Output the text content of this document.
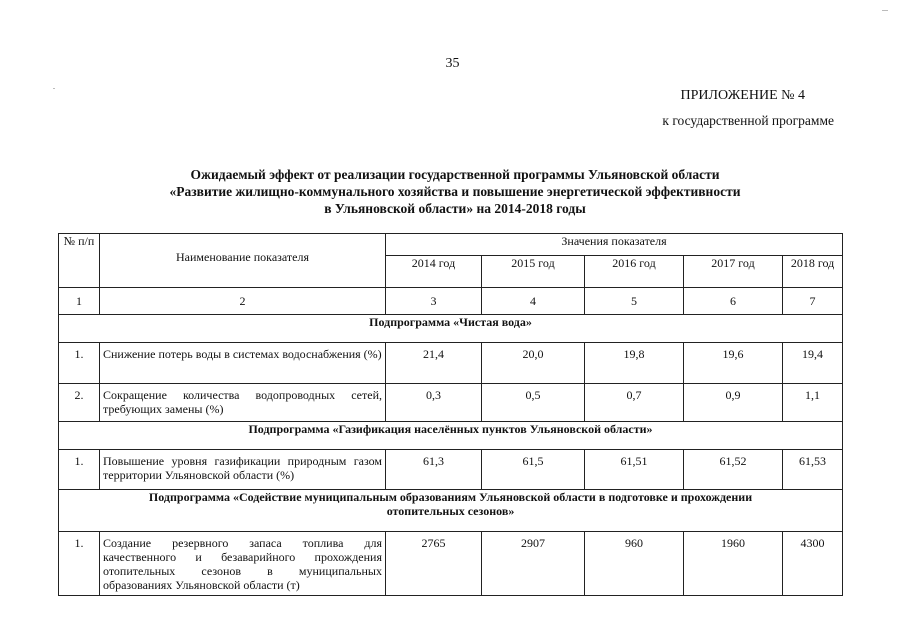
35
ПРИЛОЖЕНИЕ № 4
к государственной программе
Ожидаемый эффект от реализации государственной программы Ульяновской области
«Развитие жилищно-коммунального хозяйства и повышение энергетической эффективности
в Ульяновской области» на 2014-2018 годы
№ п/п	Наименование показателя	Значения показателя				
		2014 год	2015 год	2016 год	2017 год	2018 год
1	2	3	4	5	6	7
Подпрограмма «Чистая вода»						
1.	Снижение потерь воды в системах водоснабжения (%)	21,4	20,0	19,8	19,6	19,4
2.	Сокращение количества водопроводных сетей, требующих замены (%)	0,3	0,5	0,7	0,9	1,1
Подпрограмма «Газификация населённых пунктов Ульяновской области»						
1.	Повышение уровня газификации природным газом территории Ульяновской области (%)	61,3	61,5	61,51	61,52	61,53
Подпрограмма «Содействие муниципальным образованиям Ульяновской области в подготовке и прохождении отопительных сезонов»						
1.	Создание резервного запаса топлива для качественного и безаварийного прохождения отопительных сезонов в муниципальных образованиях Ульяновской области (т)	2765	2907	960	1960	4300
